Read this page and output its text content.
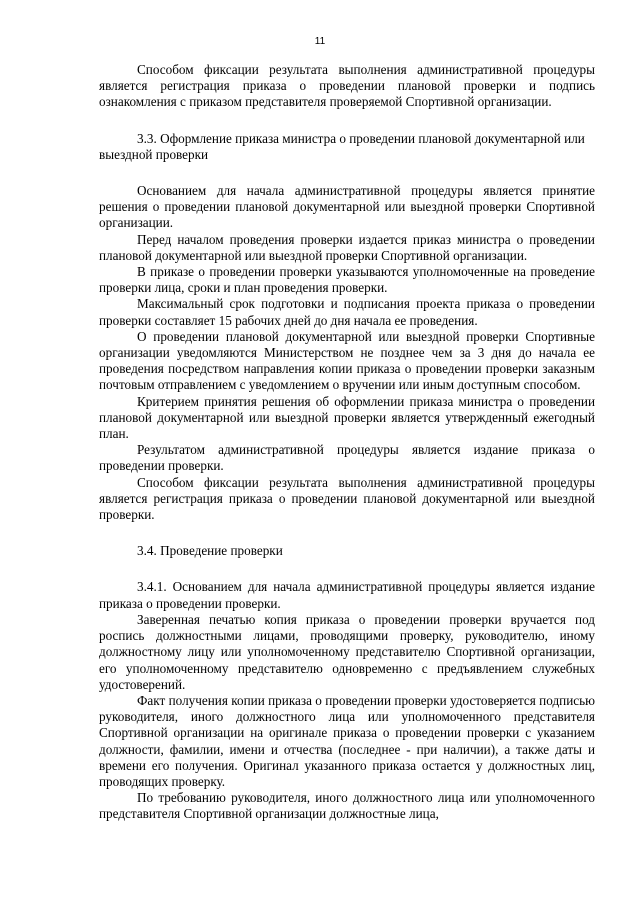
11

Способом фиксации результата выполнения административной процедуры является регистрация приказа о проведении плановой проверки и подпись ознакомления с приказом представителя проверяемой Спортивной организации.

3.3. Оформление приказа министра о проведении плановой документарной или выездной проверки

Основанием для начала административной процедуры является принятие решения о проведении плановой документарной или выездной проверки Спортивной организации.

Перед началом проведения проверки издается приказ министра о проведении плановой документарной или выездной проверки Спортивной организации.

В приказе о проведении проверки указываются уполномоченные на проведение проверки лица, сроки и план проведения проверки.

Максимальный срок подготовки и подписания проекта приказа о проведении проверки составляет 15 рабочих дней до дня начала ее проведения.

О проведении плановой документарной или выездной проверки Спортивные организации уведомляются Министерством не позднее чем за 3 дня до начала ее проведения посредством направления копии приказа о проведении проверки заказным почтовым отправлением с уведомлением о вручении или иным доступным способом.

Критерием принятия решения об оформлении приказа министра о проведении плановой документарной или выездной проверки является утвержденный ежегодный план.

Результатом административной процедуры является издание приказа о проведении проверки.

Способом фиксации результата выполнения административной процедуры является регистрация приказа о проведении плановой документарной или выездной проверки.

3.4. Проведение проверки

3.4.1. Основанием для начала административной процедуры является издание приказа о проведении проверки.

Заверенная печатью копия приказа о проведении проверки вручается под роспись должностными лицами, проводящими проверку, руководителю, иному должностному лицу или уполномоченному представителю Спортивной организации, его уполномоченному представителю одновременно с предъявлением служебных удостоверений.

Факт получения копии приказа о проведении проверки удостоверяется подписью руководителя, иного должностного лица или уполномоченного представителя Спортивной организации на оригинале приказа о проведении проверки с указанием должности, фамилии, имени и отчества (последнее - при наличии), а также даты и времени его получения. Оригинал указанного приказа остается у должностных лиц, проводящих проверку.

По требованию руководителя, иного должностного лица или уполномоченного представителя Спортивной организации должностные лица,
